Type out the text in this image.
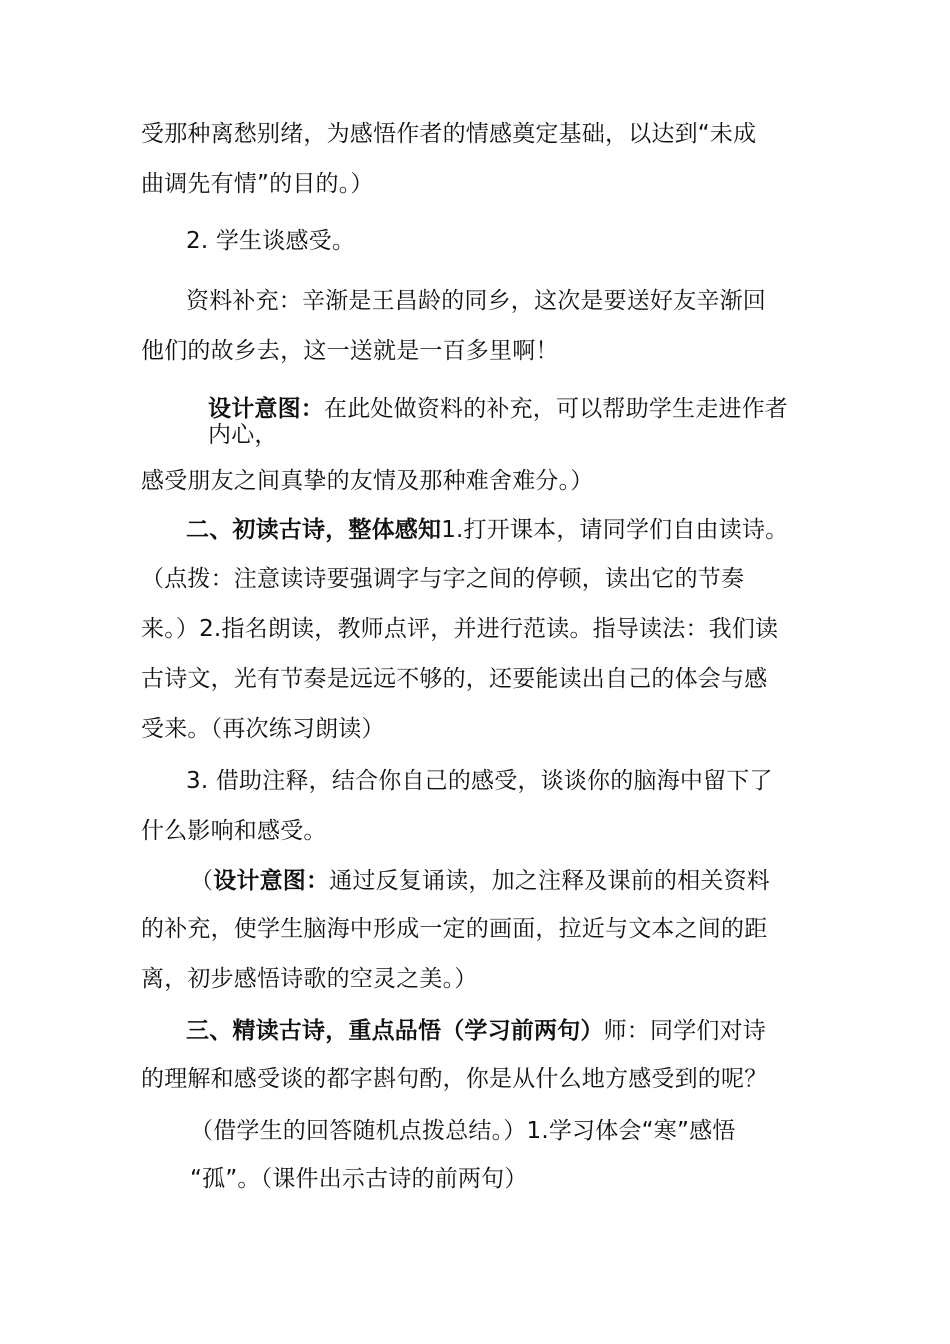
受那种离愁别绪，为感悟作者的情感奠定基础，以达到“未成
曲调先有情”的目的。）
2. 学生谈感受。
资料补充：辛渐是王昌龄的同乡，这次是要送好友辛渐回
他们的故乡去，这一送就是一百多里啊！
设计意图：在此处做资料的补充，可以帮助学生走进作者
内心，
感受朋友之间真挚的友情及那种难舍难分。）
二、初读古诗，整体感知1.打开课本，请同学们自由读诗。
（点拨：注意读诗要强调字与字之间的停顿，读出它的节奏
来。）2.指名朗读，教师点评，并进行范读。指导读法：我们读
古诗文，光有节奏是远远不够的，还要能读出自己的体会与感
受来。（再次练习朗读）
3. 借助注释，结合你自己的感受，谈谈你的脑海中留下了
什么影响和感受。
（设计意图：通过反复诵读，加之注释及课前的相关资料
的补充，使学生脑海中形成一定的画面，拉近与文本之间的距
离，初步感悟诗歌的空灵之美。）
三、精读古诗，重点品悟（学习前两句）师：同学们对诗
的理解和感受谈的都字斟句酌，你是从什么地方感受到的呢？
（借学生的回答随机点拨总结。）1.学习体会“寒”感悟
“孤”。（课件出示古诗的前两句）
